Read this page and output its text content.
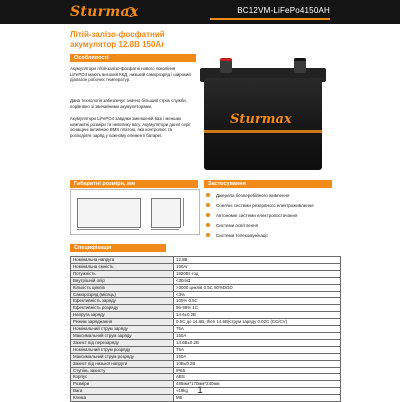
Sturmax	BC12VM-LiFePo4150AH
Літій-залізо-фосфатний
акумулятор 12.8В 150Аг
Особливості
Акумулятори літій-залізо-фосфатні нового покоління LiFePO4 мають високий ККД, низький саморозряд і широкий діапазон робочих температур.
Дана технологія забезпечує значно більший строк служби, порівняно зі звичайними акумуляторами.
Акумулятори LiFePO4 завдяки зменшеній вазі і менших компактні розміри та невелику вагу. Акумулятори даної серії оснащені активною BMS платою, яка контролює та розподіляє заряд у кожному елементі батареї.
Sturmax
Габаритні розміри, мм	Застосування
Джерела безперебійного живлення
Сонячні системи резервного електроживлення
Автономні системи електропостачання
Системи освітлення
Системи телекомунікації
Специфікація
Номінальна напруга	12.8В
Номінальна ємність	150Аг
Потужність	1920Вт·год
Внутрішній опір	<30mΩ
Кількість циклів	>3000 циклів 0.5C 80%DOD
Саморозряд (місяць)	<3%
Ефективність заряду	100% 0.5C
Ефективність розряду	96-99% 1C
Напруга заряду	14.6±0.2В
Режим заряджання	0.5C до 14.6В, then 14.6В(струм заряду 0.02C (CC/CV)
Номінальний струм заряду	75А
Максимальний струм заряду	150А
Захист від перезаряду	14.6В±0.2В
Номінальний струм розряду	75А
Максимальний струм розряду	150А
Захист від низької напруги	10В±0.2В
Ступінь захисту	IP65
Корпус	ABS
Розміри	485мм*170мм*240мм
Вага	≈19kg
Клема	M8
1
